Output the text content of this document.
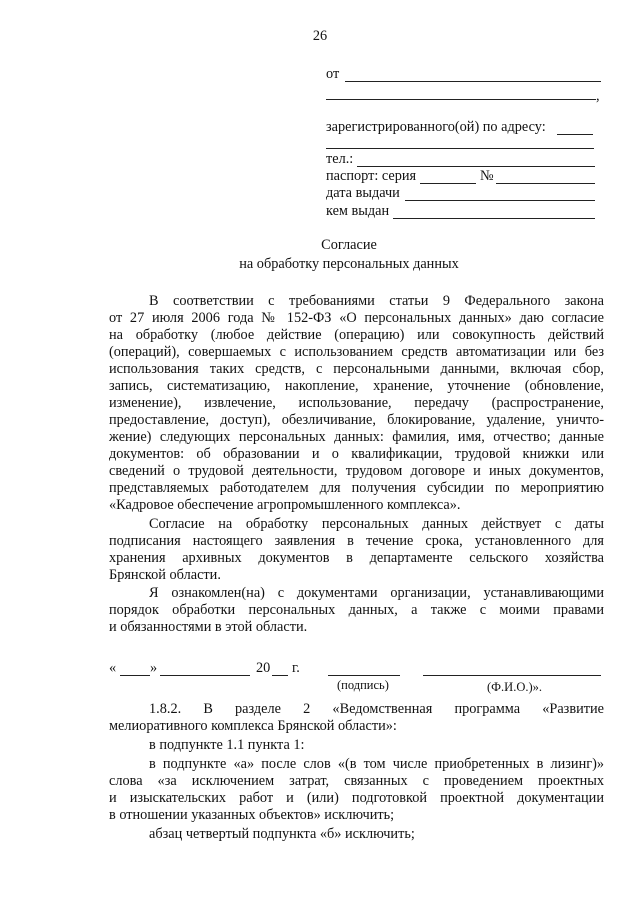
26
от
,
зарегистрированного(ой) по адресу:
тел.:
паспорт: серия	№
дата выдачи
кем выдан
Согласие
на обработку персональных данных
В соответствии с требованиями статьи 9 Федерального закона
от 27 июля 2006 года № 152-ФЗ «О персональных данных» даю согласие
на обработку (любое действие (операцию) или совокупность действий
(операций), совершаемых с использованием средств автоматизации или без
использования таких средств, с персональными данными, включая сбор,
запись, систематизацию, накопление, хранение, уточнение (обновление,
изменение), извлечение, использование, передачу (распространение,
предоставление, доступ), обезличивание, блокирование, удаление, уничто-
жение) следующих персональных данных: фамилия, имя, отчество; данные
документов: об образовании и о квалификации, трудовой книжки или
сведений о трудовой деятельности, трудовом договоре и иных документов,
представляемых работодателем для получения субсидии по мероприятию
«Кадровое обеспечение агропромышленного комплекса».
Согласие на обработку персональных данных действует с даты
подписания настоящего заявления в течение срока, установленного для
хранения архивных документов в департаменте сельского хозяйства
Брянской области.
Я ознакомлен(на) с документами организации, устанавливающими
порядок обработки персональных данных, а также с моими правами
и обязанностями в этой области.
« »	20 г.
(подпись)	(Ф.И.О.)».
1.8.2. В разделе 2 «Ведомственная программа «Развитие
мелиоративного комплекса Брянской области»:
в подпункте 1.1 пункта 1:
в подпункте «а» после слов «(в том числе приобретенных в лизинг)»
слова «за исключением затрат, связанных с проведением проектных
и изыскательских работ и (или) подготовкой проектной документации
в отношении указанных объектов» исключить;
абзац четвертый подпункта «б» исключить;
